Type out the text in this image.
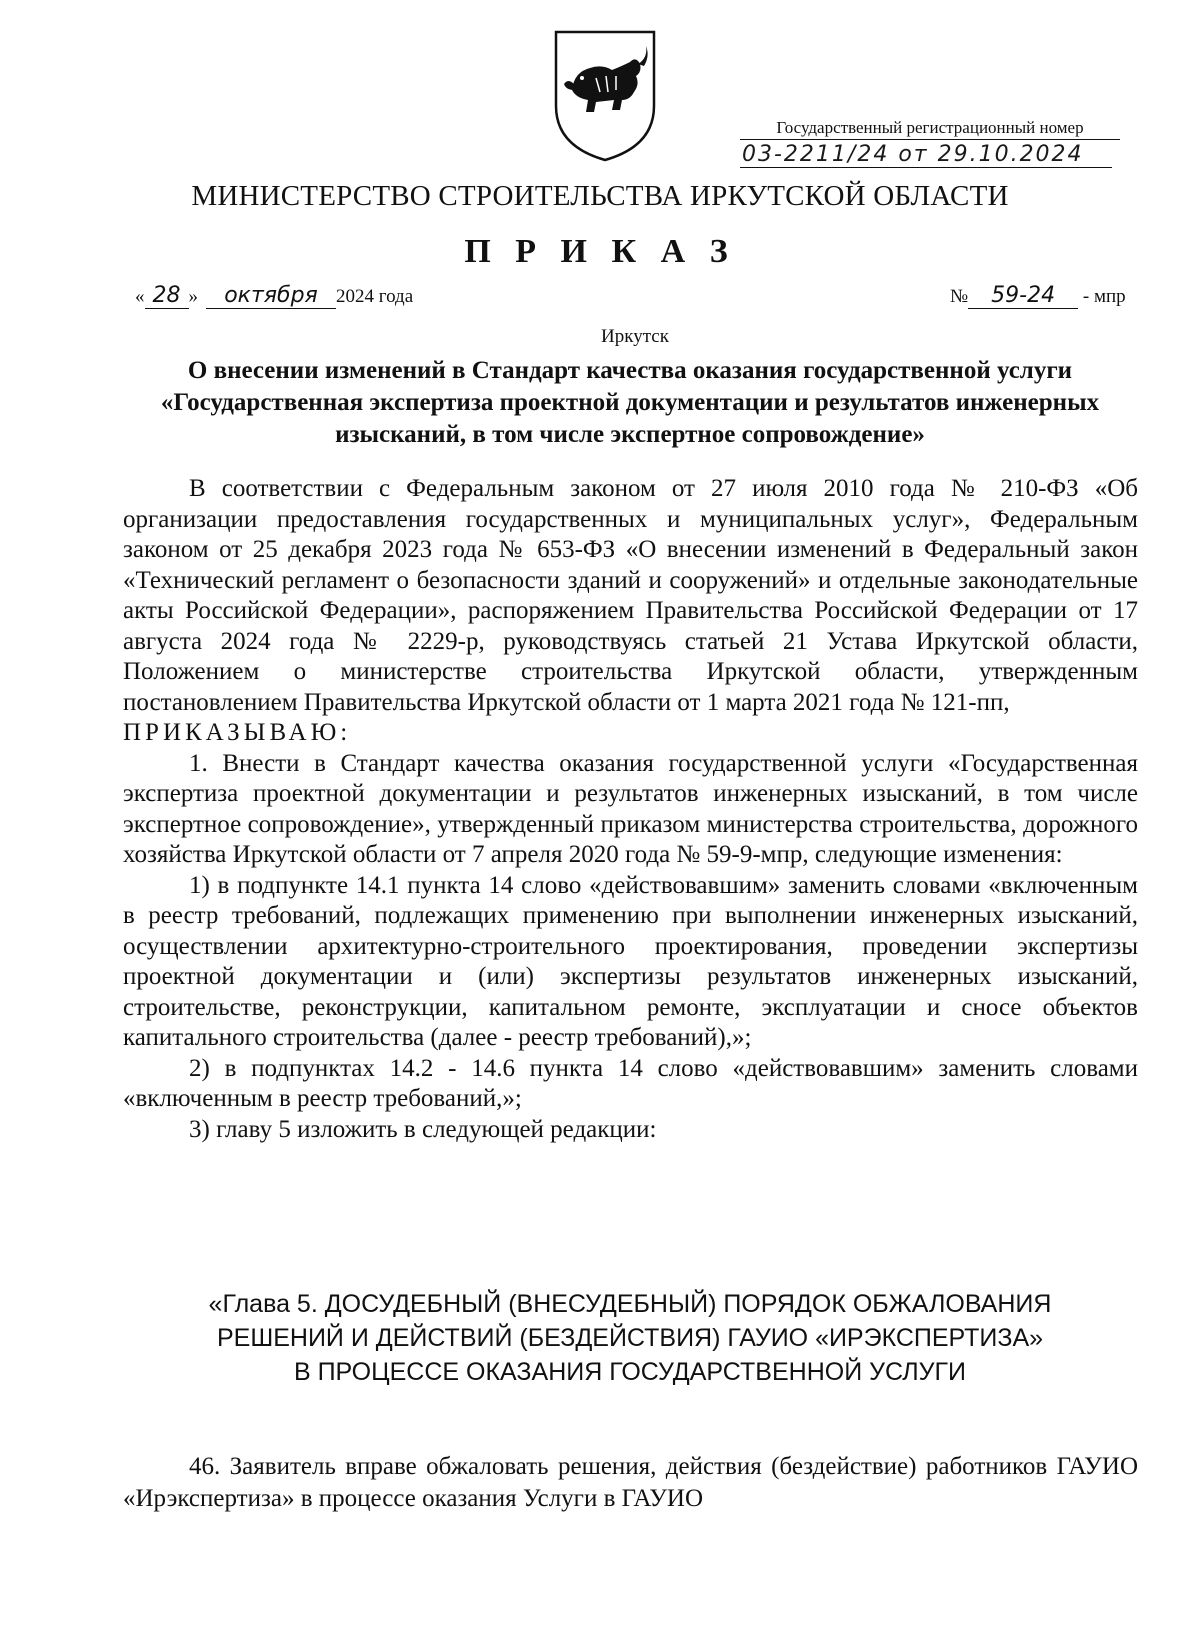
Государственный регистрационный номер
03-2211/24 от 29.10.2024
МИНИСТЕРСТВО СТРОИТЕЛЬСТВА ИРКУТСКОЙ ОБЛАСТИ
П Р И К А З
« 28 » октября 2024 года	№ 59-24 - мпр
Иркутск
О внесении изменений в Стандарт качества оказания государственной услуги «Государственная экспертиза проектной документации и результатов инженерных изысканий, в том числе экспертное сопровождение»

В соответствии с Федеральным законом от 27 июля 2010 года № 210-ФЗ «Об организации предоставления государственных и муниципальных услуг», Федеральным законом от 25 декабря 2023 года № 653-ФЗ «О внесении изменений в Федеральный закон «Технический регламент о безопасности зданий и сооружений» и отдельные законодательные акты Российской Федерации», распоряжением Правительства Российской Федерации от 17 августа 2024 года № 2229-р, руководствуясь статьей 21 Устава Иркутской области, Положением о министерстве строительства Иркутской области, утвержденным постановлением Правительства Иркутской области от 1 марта 2021 года № 121-пп,

ПРИКАЗЫВАЮ:

1. Внести в Стандарт качества оказания государственной услуги «Государственная экспертиза проектной документации и результатов инженерных изысканий, в том числе экспертное сопровождение», утвержденный приказом министерства строительства, дорожного хозяйства Иркутской области от 7 апреля 2020 года № 59-9-мпр, следующие изменения:

1) в подпункте 14.1 пункта 14 слово «действовавшим» заменить словами «включенным в реестр требований, подлежащих применению при выполнении инженерных изысканий, осуществлении архитектурно-строительного проектирования, проведении экспертизы проектной документации и (или) экспертизы результатов инженерных изысканий, строительстве, реконструкции, капитальном ремонте, эксплуатации и сносе объектов капитального строительства (далее - реестр требований),»;

2) в подпунктах 14.2 - 14.6 пункта 14 слово «действовавшим» заменить словами «включенным в реестр требований,»;

3) главу 5 изложить в следующей редакции:

«Глава 5. ДОСУДЕБНЫЙ (ВНЕСУДЕБНЫЙ) ПОРЯДОК ОБЖАЛОВАНИЯ
РЕШЕНИЙ И ДЕЙСТВИЙ (БЕЗДЕЙСТВИЯ) ГАУИО «ИРЭКСПЕРТИЗА»
В ПРОЦЕССЕ ОКАЗАНИЯ ГОСУДАРСТВЕННОЙ УСЛУГИ

46. Заявитель вправе обжаловать решения, действия (бездействие) работников ГАУИО «Ирэкспертиза» в процессе оказания Услуги в ГАУИО
